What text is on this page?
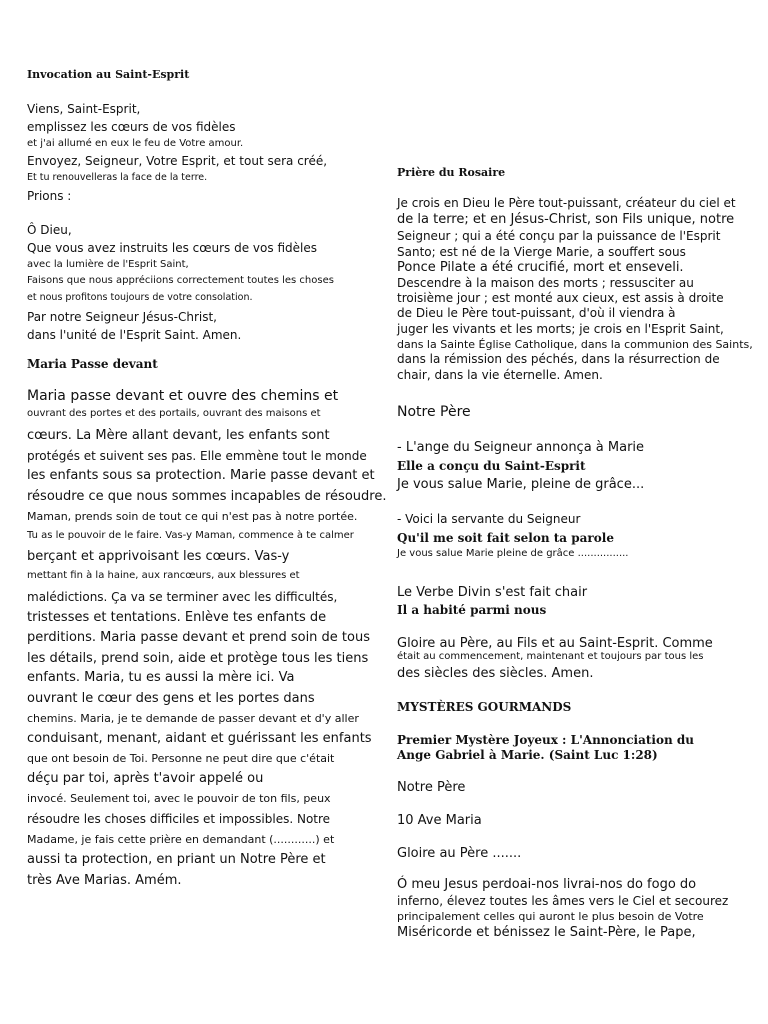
Invocation au Saint-Esprit
Viens, Saint-Esprit,
emplissez les cœurs de vos fidèles
et j'ai allumé en eux le feu de Votre amour.
Envoyez, Seigneur, Votre Esprit, et tout sera créé,
Et tu renouvelleras la face de la terre.
Prions :
Ô Dieu,
Que vous avez instruits les cœurs de vos fidèles
avec la lumière de l'Esprit Saint,
Faisons que nous appréciions correctement toutes les choses
et nous profitons toujours de votre consolation.
Par notre Seigneur Jésus-Christ,
dans l'unité de l'Esprit Saint. Amen.
Maria Passe devant
Maria passe devant et ouvre des chemins et
ouvrant des portes et des portails, ouvrant des maisons et
cœurs. La Mère allant devant, les enfants sont
protégés et suivent ses pas. Elle emmène tout le monde
les enfants sous sa protection. Marie passe devant et
résoudre ce que nous sommes incapables de résoudre.
Maman, prends soin de tout ce qui n'est pas à notre portée.
Tu as le pouvoir de le faire. Vas-y Maman, commence à te calmer
berçant et apprivoisant les cœurs. Vas-y
mettant fin à la haine, aux rancœurs, aux blessures et
malédictions. Ça va se terminer avec les difficultés,
tristesses et tentations. Enlève tes enfants de
perditions. Maria passe devant et prend soin de tous
les détails, prend soin, aide et protège tous les tiens
enfants. Maria, tu es aussi la mère ici. Va
ouvrant le cœur des gens et les portes dans
chemins. Maria, je te demande de passer devant et d'y aller
conduisant, menant, aidant et guérissant les enfants
que ont besoin de Toi. Personne ne peut dire que c'était
déçu par toi, après t'avoir appelé ou
invocé. Seulement toi, avec le pouvoir de ton fils, peux
résoudre les choses difficiles et impossibles. Notre
Madame, je fais cette prière en demandant (............) et
aussi ta protection, en priant un Notre Père et
très Ave Marias. Amém.
Prière du Rosaire
Je crois en Dieu le Père tout-puissant, créateur du ciel et
de la terre; et en Jésus-Christ, son Fils unique, notre
Seigneur ; qui a été conçu par la puissance de l'Esprit
Santo; est né de la Vierge Marie, a souffert sous
Ponce Pilate a été crucifié, mort et enseveli.
Descendre à la maison des morts ; ressusciter au
troisième jour ; est monté aux cieux, est assis à droite
de Dieu le Père tout-puissant, d'où il viendra à
juger les vivants et les morts; je crois en l'Esprit Saint,
dans la Sainte Église Catholique, dans la communion des Saints,
dans la rémission des péchés, dans la résurrection de
chair, dans la vie éternelle. Amen.
Notre Père
- L'ange du Seigneur annonça à Marie
Elle a conçu du Saint-Esprit
Je vous salue Marie, pleine de grâce...
- Voici la servante du Seigneur
Qu'il me soit fait selon ta parole
Je vous salue Marie pleine de grâce ................
Le Verbe Divin s'est fait chair
Il a habité parmi nous
Gloire au Père, au Fils et au Saint-Esprit. Comme
était au commencement, maintenant et toujours par tous les
des siècles des siècles. Amen.
MYSTÈRES GOURMANDS
Premier Mystère Joyeux : L'Annonciation du
Ange Gabriel à Marie. (Saint Luc 1:28)
Notre Père
10 Ave Maria
Gloire au Père .......
Ó meu Jesus perdoai-nos livrai-nos do fogo do
inferno, élevez toutes les âmes vers le Ciel et secourez
principalement celles qui auront le plus besoin de Votre
Miséricorde et bénissez le Saint-Père, le Pape,
